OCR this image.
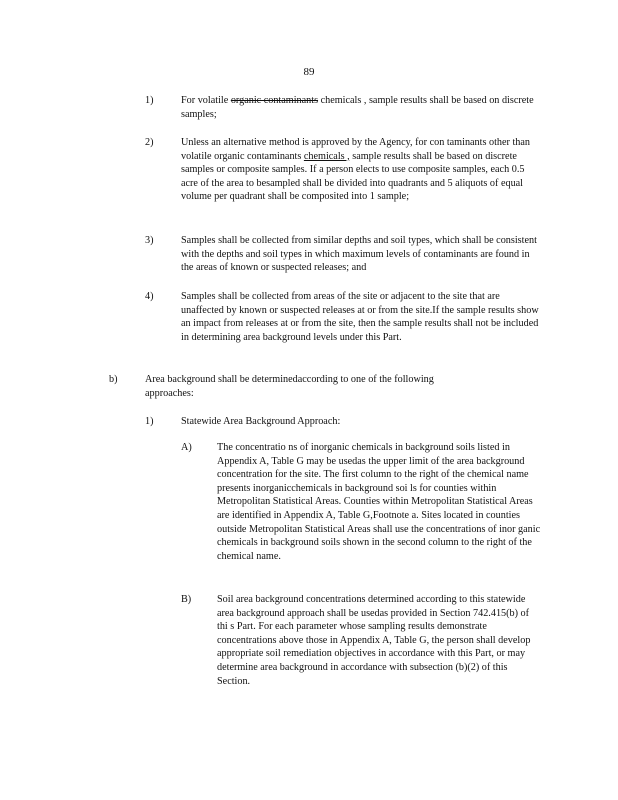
89
1)	For volatile organic contaminants chemicals , sample results shall be based on discrete samples;

2)	Unless an alternative method is approved by the Agency, for con taminants other than volatile organic contaminants chemicals , sample results shall be based on discrete samples or composite samples. If a person elects to use composite samples, each 0.5 acre of the area to besampled shall be divided into quadrants and 5 aliquots of equal volume per quadrant shall be composited into 1 sample;

3)	Samples shall be collected from similar depths and soil types, which shall be consistent with the depths and soil types in which maximum levels of contaminants are found in the areas of known or suspected releases; and

4)	Samples shall be collected from areas of the site or adjacent to the site that are unaffected by known or suspected releases at or from the site.If the sample results show an impact from releases at or from the site, then the sample results shall not be included in determining area background levels under this Part.

b)	Area background shall be determinedaccording to one of the following approaches:

1)	Statewide Area Background Approach:

A) The concentratio ns of inorganic chemicals in background soils listed in Appendix A, Table G may be usedas the upper limit of the area background concentration for the site. The first column to the right of the chemical name presents inorganicchemicals in background soi ls for counties within Metropolitan Statistical Areas. Counties within Metropolitan Statistical Areas are identified in Appendix A, Table G,Footnote a. Sites located in counties outside Metropolitan Statistical Areas shall use the concentrations of inor ganic chemicals in background soils shown in the second column to the right of the chemical name.

B)	Soil area background concentrations determined according to this statewide area background approach shall be usedas provided in Section 742.415(b) of thi s Part. For each parameter whose sampling results demonstrate concentrations above those in Appendix A, Table G, the person shall develop appropriate soil remediation objectives in accordance with this Part, or may determine area background in accordance with subsection (b)(2) of this Section.
